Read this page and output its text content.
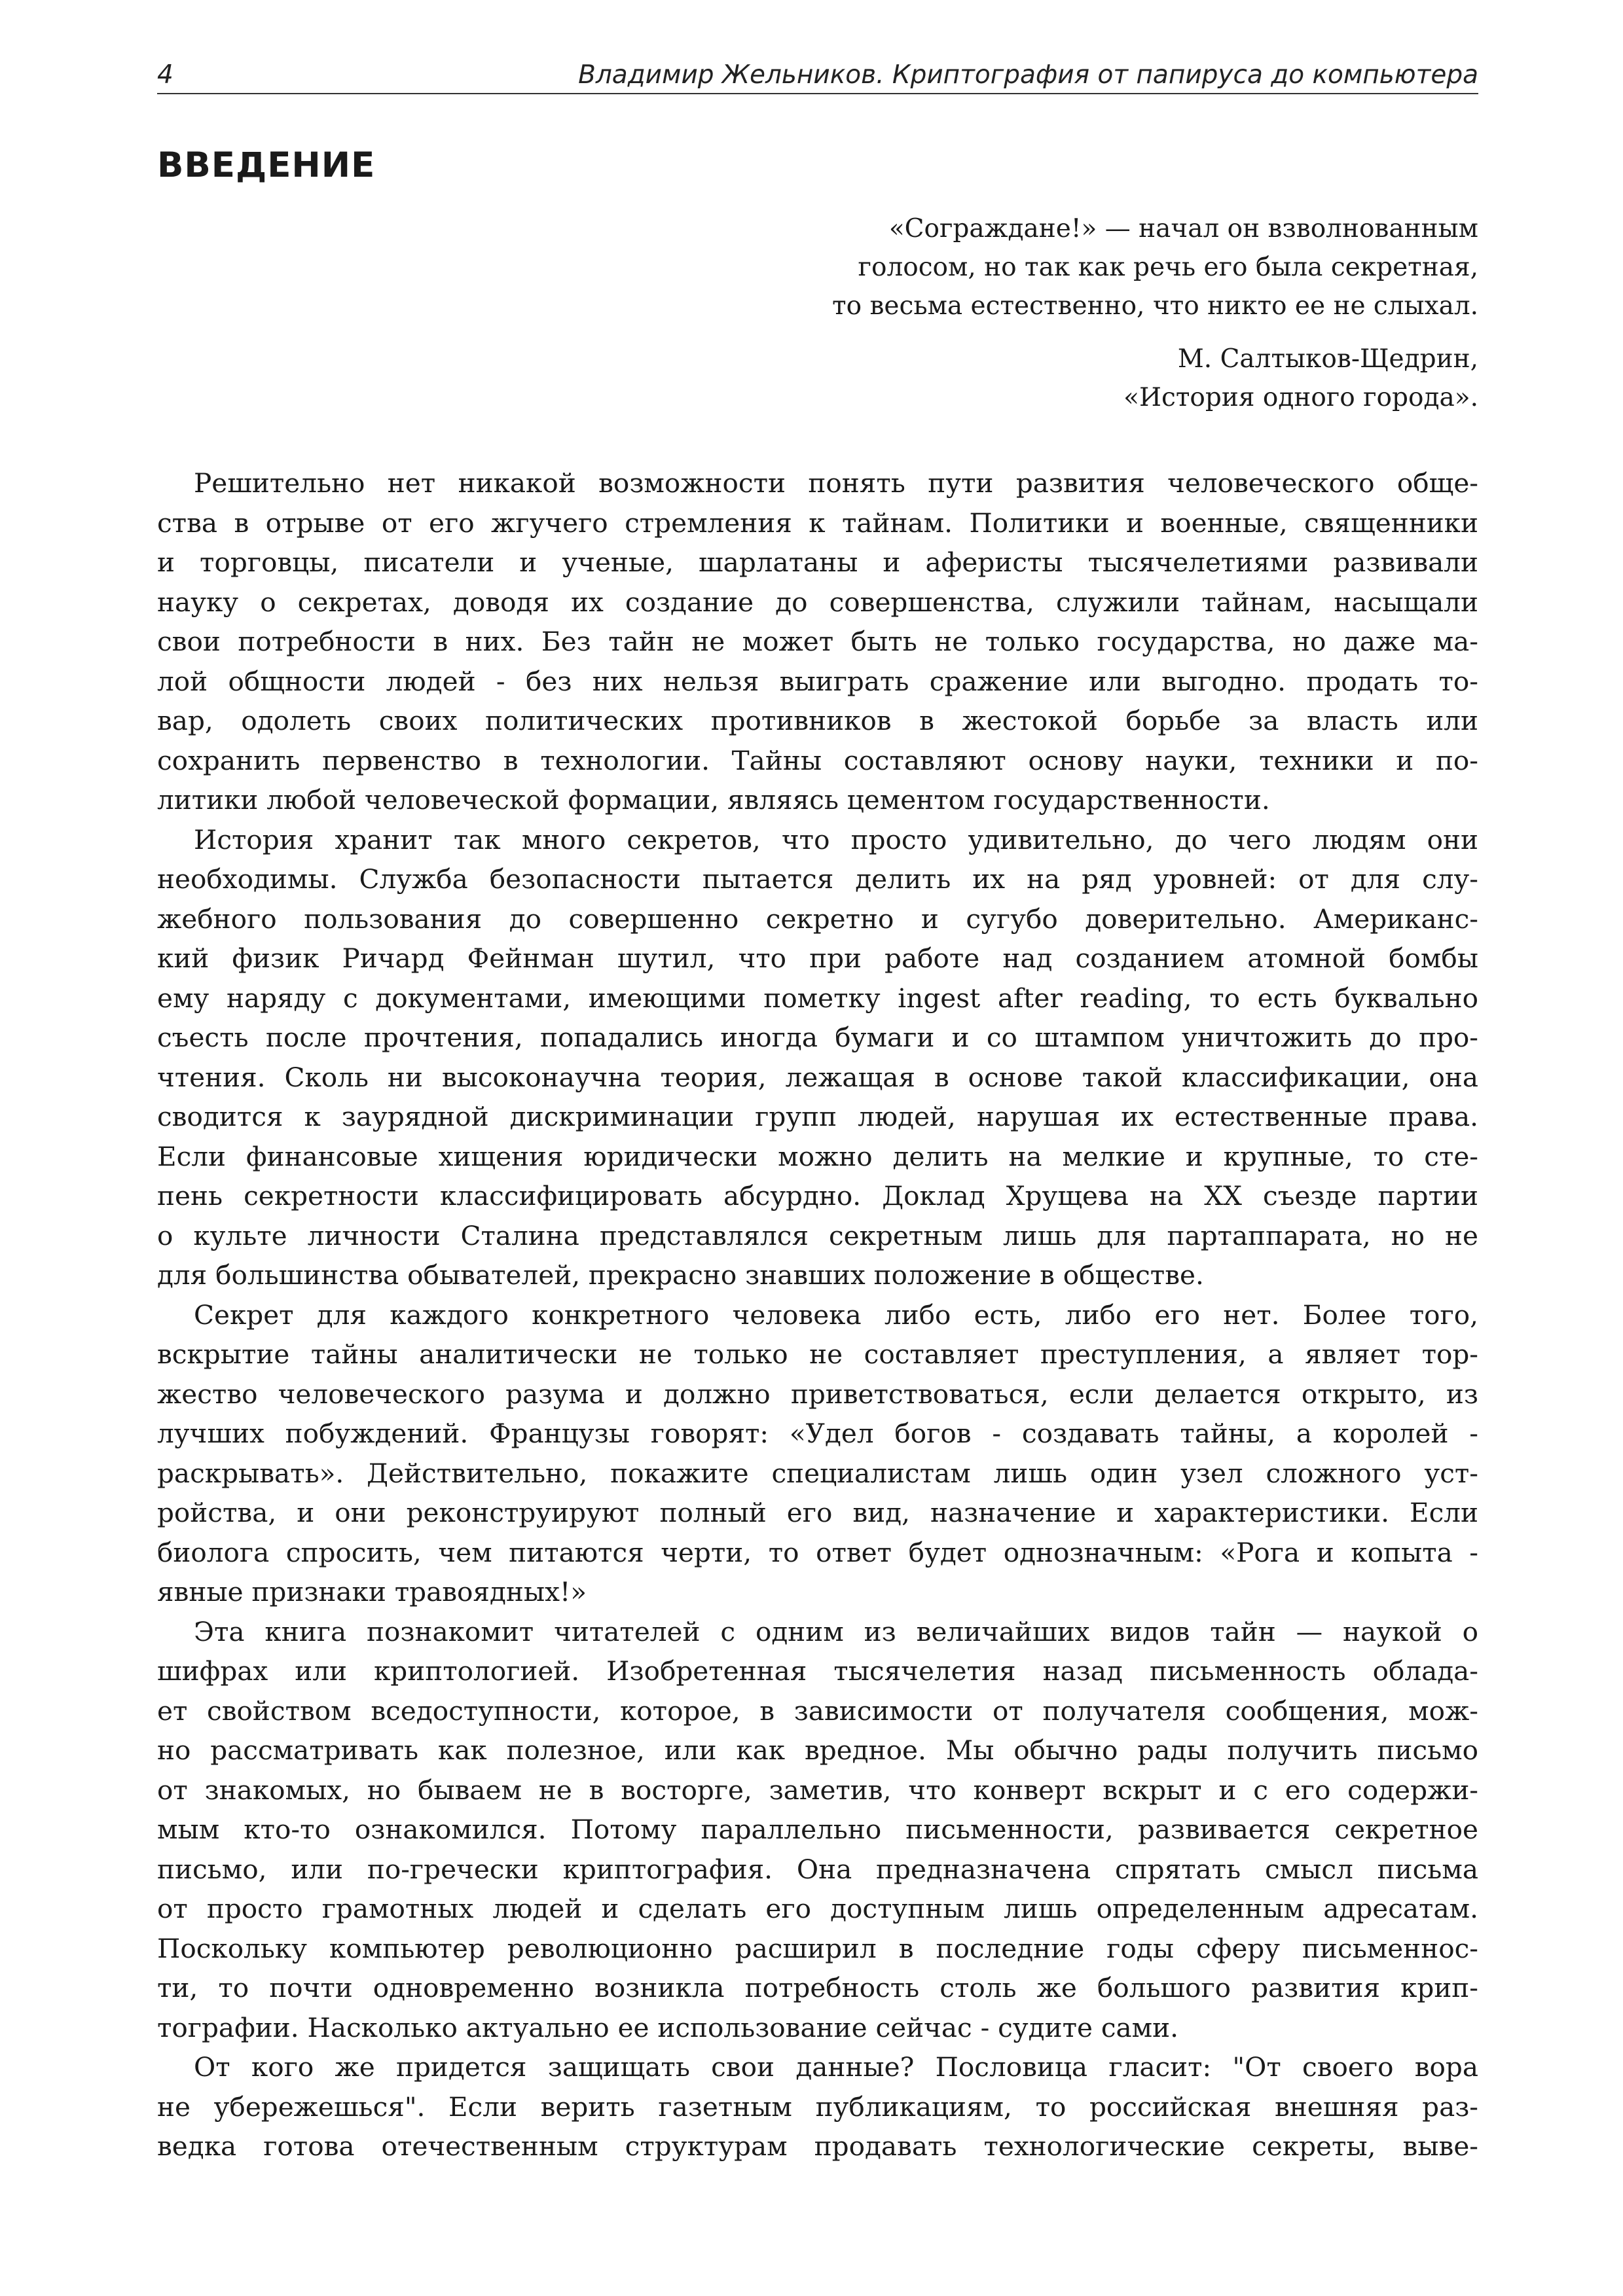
4	Владимир Жельников. Криптография от папируса до компьютера
ВВЕДЕНИЕ
«Сограждане!» — начал он взволнованным
голосом, но так как речь его была секретная,
то весьма естественно, что никто ее не слыхал.
М. Салтыков-Щедрин,
«История одного города».
Решительно нет никакой возможности понять пути развития человеческого обще-
ства в отрыве от его жгучего стремления к тайнам. Политики и военные, священники
и торговцы, писатели и ученые, шарлатаны и аферисты тысячелетиями развивали
науку о секретах, доводя их создание до совершенства, служили тайнам, насыщали
свои потребности в них. Без тайн не может быть не только государства, но даже ма-
лой общности людей - без них нельзя выиграть сражение или выгодно. продать то-
вар, одолеть своих политических противников в жестокой борьбе за власть или
сохранить первенство в технологии. Тайны составляют основу науки, техники и по-
литики любой человеческой формации, являясь цементом государственности.
История хранит так много секретов, что просто удивительно, до чего людям они
необходимы. Служба безопасности пытается делить их на ряд уровней: от для слу-
жебного пользования до совершенно секретно и сугубо доверительно. Американс-
кий физик Ричард Фейнман шутил, что при работе над созданием атомной бомбы
ему наряду с документами, имеющими пометку ingest after reading, то есть буквально
съесть после прочтения, попадались иногда бумаги и со штампом уничтожить до про-
чтения. Сколь ни высоконаучна теория, лежащая в основе такой классификации, она
сводится к заурядной дискриминации групп людей, нарушая их естественные права.
Если финансовые хищения юридически можно делить на мелкие и крупные, то сте-
пень секретности классифицировать абсурдно. Доклад Хрущева на XX съезде партии
о культе личности Сталина представлялся секретным лишь для партаппарата, но не
для большинства обывателей, прекрасно знавших положение в обществе.
Секрет для каждого конкретного человека либо есть, либо его нет. Более того,
вскрытие тайны аналитически не только не составляет преступления, а являет тор-
жество человеческого разума и должно приветствоваться, если делается открыто, из
лучших побуждений. Французы говорят: «Удел богов - создавать тайны, а королей -
раскрывать». Действительно, покажите специалистам лишь один узел сложного уст-
ройства, и они реконструируют полный его вид, назначение и характеристики. Если
биолога спросить, чем питаются черти, то ответ будет однозначным: «Рога и копыта -
явные признаки травоядных!»
Эта книга познакомит читателей с одним из величайших видов тайн — наукой о
шифрах или криптологией. Изобретенная тысячелетия назад письменность облада-
ет свойством вседоступности, которое, в зависимости от получателя сообщения, мож-
но рассматривать как полезное, или как вредное. Мы обычно рады получить письмо
от знакомых, но бываем не в восторге, заметив, что конверт вскрыт и с его содержи-
мым кто-то ознакомился. Потому параллельно письменности, развивается секретное
письмо, или по-гречески криптография. Она предназначена спрятать смысл письма
от просто грамотных людей и сделать его доступным лишь определенным адресатам.
Поскольку компьютер революционно расширил в последние годы сферу письменнос-
ти, то почти одновременно возникла потребность столь же большого развития крип-
тографии. Насколько актуально ее использование сейчас - судите сами.
От кого же придется защищать свои данные? Пословица гласит: "От своего вора
не убережешься". Если верить газетным публикациям, то российская внешняя раз-
ведка готова отечественным структурам продавать технологические секреты, выве-
